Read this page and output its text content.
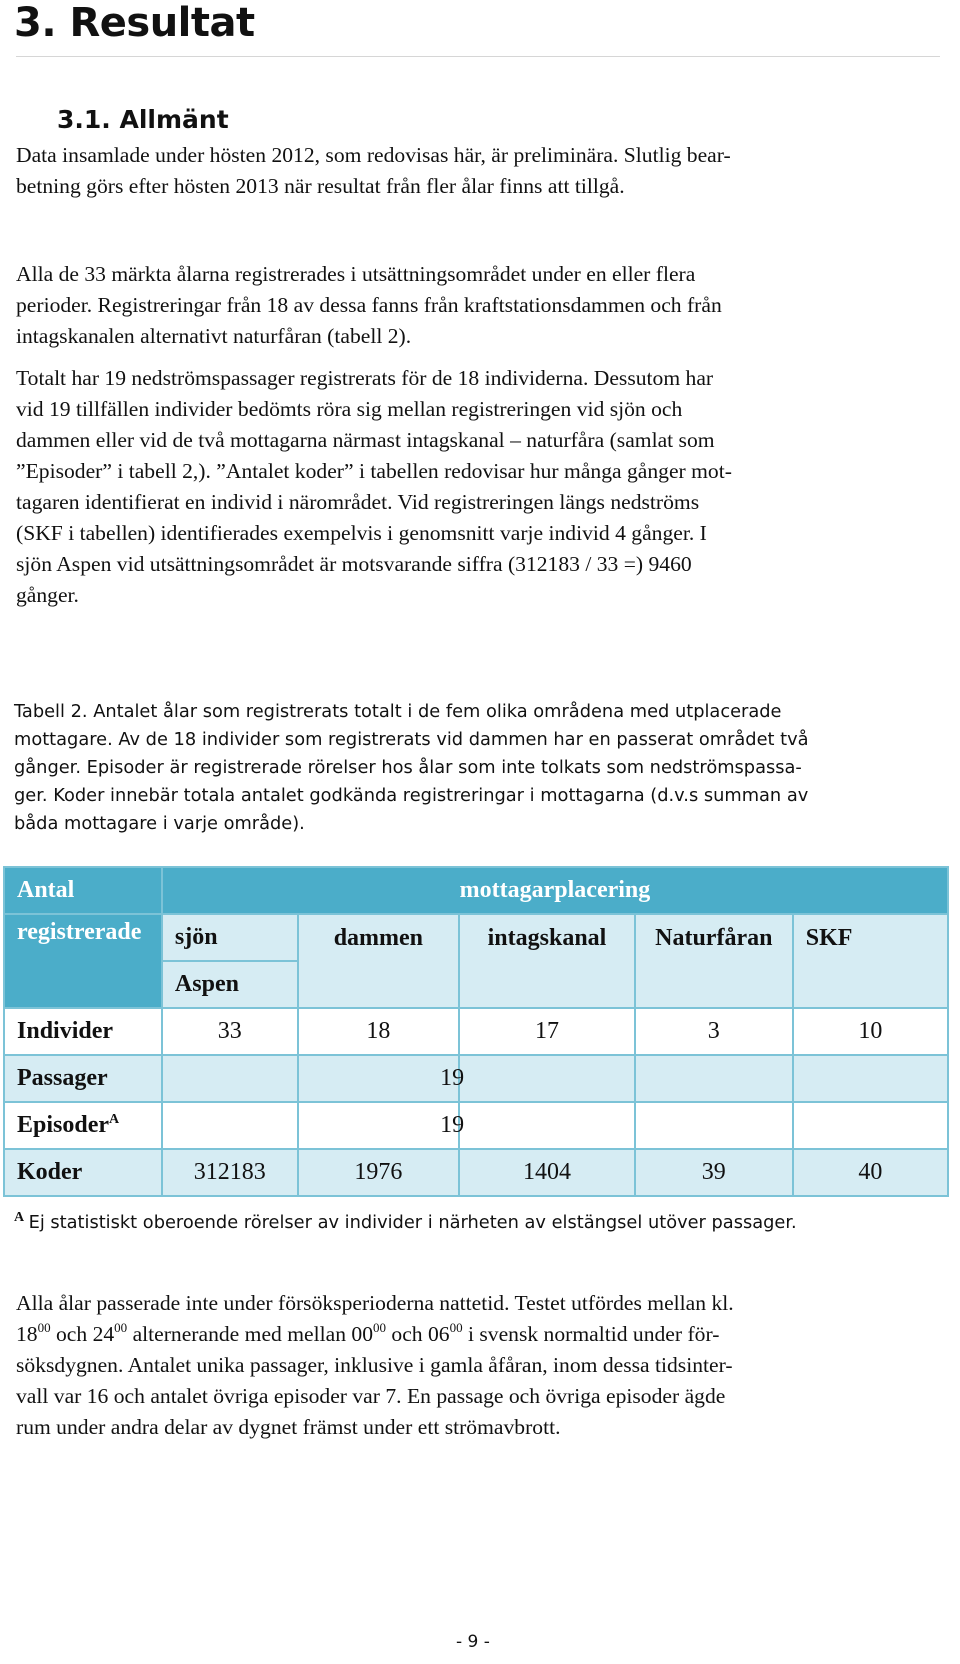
3. Resultat
3.1. Allmänt

Data insamlade under hösten 2012, som redovisas här, är preliminära. Slutlig bear-

betning görs efter hösten 2013 när resultat från fler ålar finns att tillgå.

Alla de 33 märkta ålarna registrerades i utsättningsområdet under en eller flera

perioder. Registreringar från 18 av dessa fanns från kraftstationsdammen och från

intagskanalen alternativt naturfåran (tabell 2).

Totalt har 19 nedströmspassager registrerats för de 18 individerna. Dessutom har

vid 19 tillfällen individer bedömts röra sig mellan registreringen vid sjön och

dammen eller vid de två mottagarna närmast intagskanal – naturfåra (samlat som

”Episoder” i tabell 2,). ”Antalet koder” i tabellen redovisar hur många gånger mot-

tagaren identifierat en individ i närområdet. Vid registreringen längs nedströms

(SKF i tabellen) identifierades exempelvis i genomsnitt varje individ 4 gånger. I

sjön Aspen vid utsättningsområdet är motsvarande siffra (312183 / 33 =) 9460

gånger.

Tabell 2. Antalet ålar som registrerats totalt i de fem olika områdena med utplacerade

mottagare. Av de 18 individer som registrerats vid dammen har en passerat området två

gånger. Episoder är registrerade rörelser hos ålar som inte tolkats som nedströmspassa-

ger. Koder innebär totala antalet godkända registreringar i mottagarna (d.v.s summan av

båda mottagare i varje område).

Antal	mottagarplacering				
registrerade	sjön	dammen	intagskanal	Naturfåran	SKF
	Aspen				
Individer	33	18	17	3	10
Passager			19		
Episoder$^A$			19		
Koder	312183	1976	1404	39	40
$^A$ Ej statistiskt oberoende rörelser av individer i närheten av elstängsel utöver passager.

Alla ålar passerade inte under försöksperioderna nattetid. Testet utfördes mellan kl.

$18^{00}$ och $24^{00}$ alternerande med mellan $00^{00}$ och $06^{00}$ i svensk normaltid under för-

söksdygnen. Antalet unika passager, inklusive i gamla åfåran, inom dessa tidsinter-

vall var 16 och antalet övriga episoder var 7. En passage och övriga episoder ägde

rum under andra delar av dygnet främst under ett strömavbrott.

- 9 -
